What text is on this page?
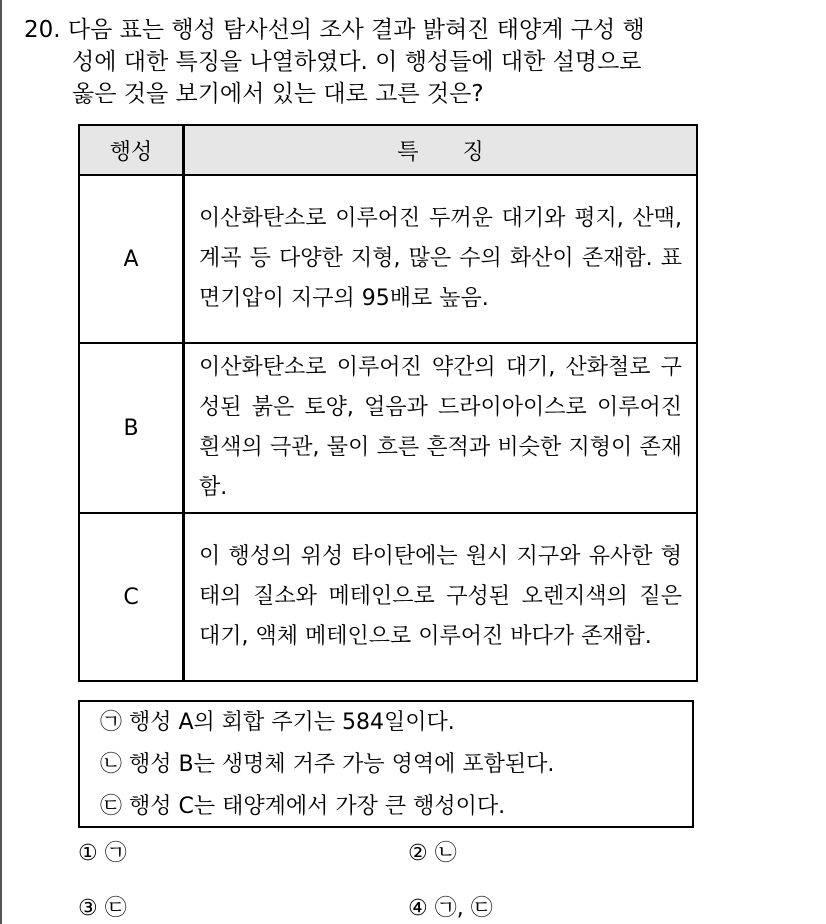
20. 다음 표는 행성 탐사선의 조사 결과 밝혀진 태양계 구성 행
성에 대한 특징을 나열하였다. 이 행성들에 대한 설명으로
옳은 것을 보기에서 있는 대로 고른 것은?
행성	특　　징
A	이산화탄소로 이루어진 두꺼운 대기와 평지, 산맥, 계곡 등 다양한 지형, 많은 수의 화산이 존재함. 표면기압이 지구의 95배로 높음.
B	이산화탄소로 이루어진 약간의 대기, 산화철로 구성된 붉은 토양, 얼음과 드라이아이스로 이루어진 흰색의 극관, 물이 흐른 흔적과 비슷한 지형이 존재함.
C	이 행성의 위성 타이탄에는 원시 지구와 유사한 형태의 질소와 메테인으로 구성된 오렌지색의 짙은 대기, 액체 메테인으로 이루어진 바다가 존재함.
㉠ 행성 A의 회합 주기는 584일이다.
㉡ 행성 B는 생명체 거주 가능 영역에 포함된다.
㉢ 행성 C는 태양계에서 가장 큰 행성이다.
① ㉠	② ㉡
③ ㉢	④ ㉠, ㉢
